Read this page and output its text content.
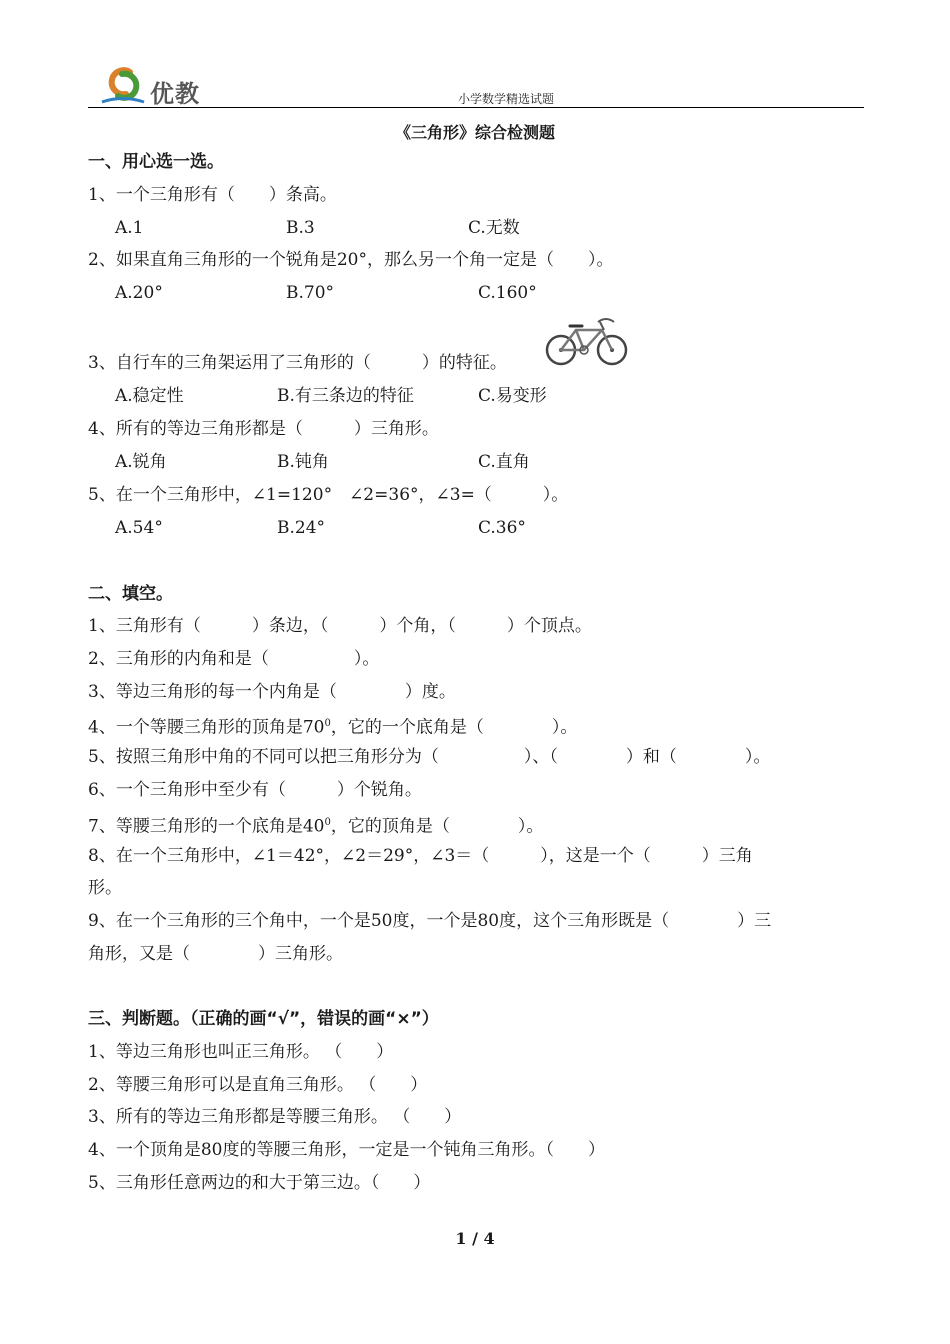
优教	小学数学精选试题
《三角形》综合检测题
一、用心选一选。
1、一个三角形有（　　）条高。
A.1	B.3	C.无数
2、如果直角三角形的一个锐角是20°，那么另一个角一定是（　　）。
A.20°	B.70°	C.160°
3、自行车的三角架运用了三角形的（　　　）的特征。
A.稳定性	B.有三条边的特征	C.易变形
4、所有的等边三角形都是（　　　）三角形。
A.锐角	B.钝角	C.直角
5、在一个三角形中，∠1=120°　∠2=36°，∠3=（　　　）。
A.54°	B.24°	C.36°
二、填空。
1、三角形有（　　　）条边，（　　　）个角，（　　　）个顶点。
2、三角形的内角和是（　　　　　）。
3、等边三角形的每一个内角是（　　　　）度。
4、一个等腰三角形的顶角是$70^0$，它的一个底角是（　　　　）。
5、按照三角形中角的不同可以把三角形分为（　　　　　）、（　　　　）和（　　　　）。
6、一个三角形中至少有（　　　）个锐角。
7、等腰三角形的一个底角是$40^0$，它的顶角是（　　　　）。
8、在一个三角形中，∠1＝42°，∠2＝29°，∠3＝（　　　），这是一个（　　　）三角
形。
9、在一个三角形的三个角中，一个是50度，一个是80度，这个三角形既是（　　　　）三
角形，又是（　　　　）三角形。
三、判断题。（正确的画“√”，错误的画“×”）
1、等边三角形也叫正三角形。 （　　）
2、等腰三角形可以是直角三角形。 （　　）
3、所有的等边三角形都是等腰三角形。 （　　）
4、一个顶角是80度的等腰三角形，一定是一个钝角三角形。（　　）
5、三角形任意两边的和大于第三边。（　　）
1 / 4
